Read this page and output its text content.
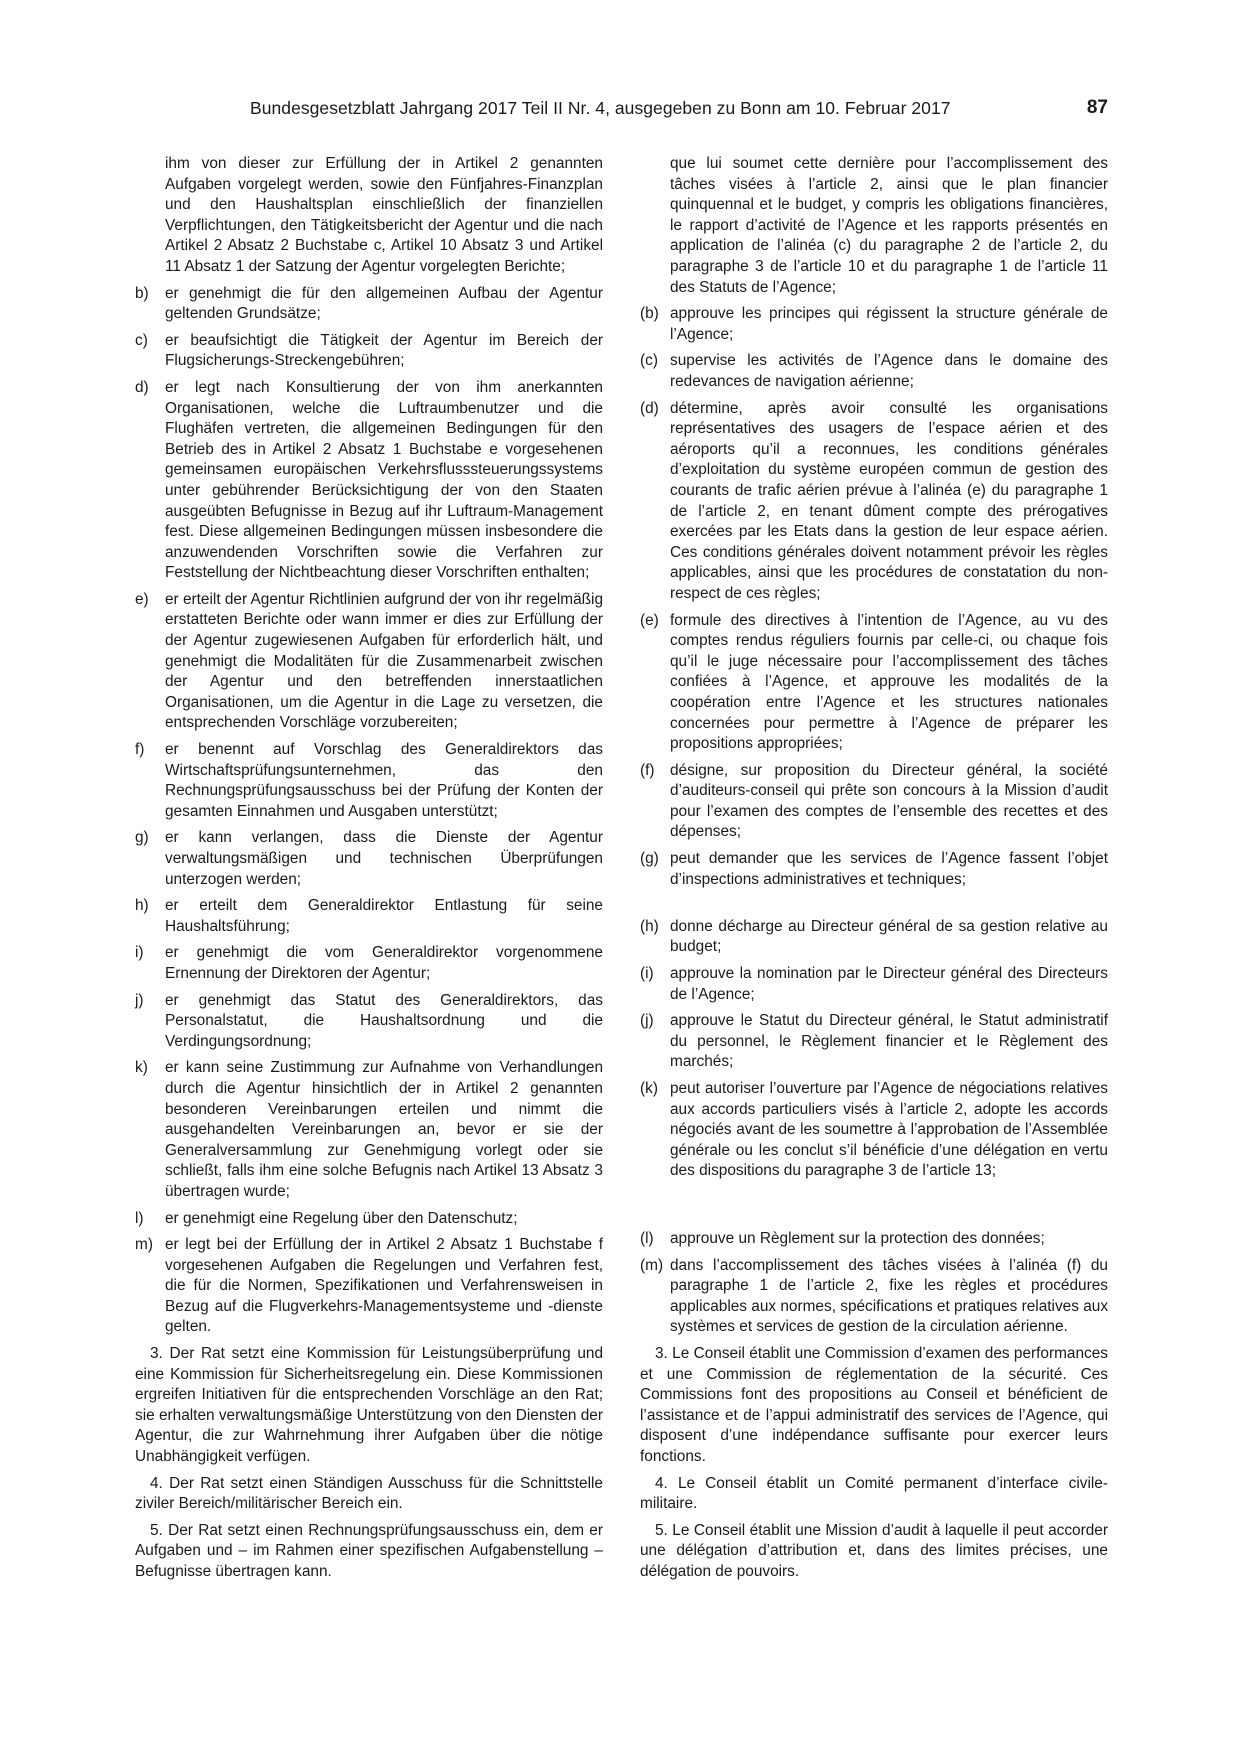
Bundesgesetzblatt Jahrgang 2017 Teil II Nr. 4, ausgegeben zu Bonn am 10. Februar 2017	87

ihm von dieser zur Erfüllung der in Artikel 2 genannten Aufgaben vorgelegt werden, sowie den Fünfjahres-Finanzplan und den Haushaltsplan einschließlich der finanziellen Verpflichtungen, den Tätigkeitsbericht der Agentur und die nach Artikel 2 Absatz 2 Buchstabe c, Artikel 10 Absatz 3 und Artikel 11 Absatz 1 der Satzung der Agentur vorgelegten Berichte;

b) er genehmigt die für den allgemeinen Aufbau der Agentur geltenden Grundsätze;
c) er beaufsichtigt die Tätigkeit der Agentur im Bereich der Flugsicherungs-Streckengebühren;
d) er legt nach Konsultierung der von ihm anerkannten Organisationen, welche die Luftraumbenutzer und die Flughäfen vertreten, die allgemeinen Bedingungen für den Betrieb des in Artikel 2 Absatz 1 Buchstabe e vorgesehenen gemeinsamen europäischen Verkehrsflusssteuerungssystems unter gebührender Berücksichtigung der von den Staaten ausgeübten Befugnisse in Bezug auf ihr Luftraum-Management fest. Diese allgemeinen Bedingungen müssen insbesondere die anzuwendenden Vorschriften sowie die Verfahren zur Feststellung der Nichtbeachtung dieser Vorschriften enthalten;
e) er erteilt der Agentur Richtlinien aufgrund der von ihr regelmäßig erstatteten Berichte oder wann immer er dies zur Erfüllung der der Agentur zugewiesenen Aufgaben für erforderlich hält, und genehmigt die Modalitäten für die Zusammenarbeit zwischen der Agentur und den betreffenden innerstaatlichen Organisationen, um die Agentur in die Lage zu versetzen, die entsprechenden Vorschläge vorzubereiten;
f) er benennt auf Vorschlag des Generaldirektors das Wirtschaftsprüfungsunternehmen, das den Rechnungsprüfungsausschuss bei der Prüfung der Konten der gesamten Einnahmen und Ausgaben unterstützt;
g) er kann verlangen, dass die Dienste der Agentur verwaltungsmäßigen und technischen Überprüfungen unterzogen werden;
h) er erteilt dem Generaldirektor Entlastung für seine Haushaltsführung;
i) er genehmigt die vom Generaldirektor vorgenommene Ernennung der Direktoren der Agentur;
j) er genehmigt das Statut des Generaldirektors, das Personalstatut, die Haushaltsordnung und die Verdingungsordnung;
k) er kann seine Zustimmung zur Aufnahme von Verhandlungen durch die Agentur hinsichtlich der in Artikel 2 genannten besonderen Vereinbarungen erteilen und nimmt die ausgehandelten Vereinbarungen an, bevor er sie der Generalversammlung zur Genehmigung vorlegt oder sie schließt, falls ihm eine solche Befugnis nach Artikel 13 Absatz 3 übertragen wurde;
l) er genehmigt eine Regelung über den Datenschutz;
m) er legt bei der Erfüllung der in Artikel 2 Absatz 1 Buchstabe f vorgesehenen Aufgaben die Regelungen und Verfahren fest, die für die Normen, Spezifikationen und Verfahrensweisen in Bezug auf die Flugverkehrs-Managementsysteme und -dienste gelten.

3. Der Rat setzt eine Kommission für Leistungsüberprüfung und eine Kommission für Sicherheitsregelung ein. Diese Kommissionen ergreifen Initiativen für die entsprechenden Vorschläge an den Rat; sie erhalten verwaltungsmäßige Unterstützung von den Diensten der Agentur, die zur Wahrnehmung ihrer Aufgaben über die nötige Unabhängigkeit verfügen.

4. Der Rat setzt einen Ständigen Ausschuss für die Schnittstelle ziviler Bereich/militärischer Bereich ein.

5. Der Rat setzt einen Rechnungsprüfungsausschuss ein, dem er Aufgaben und – im Rahmen einer spezifischen Aufgabenstellung – Befugnisse übertragen kann.

que lui soumet cette dernière pour l’accomplissement des tâches visées à l’article 2, ainsi que le plan financier quinquennal et le budget, y compris les obligations financières, le rapport d’activité de l’Agence et les rapports présentés en application de l’alinéa (c) du paragraphe 2 de l’article 2, du paragraphe 3 de l’article 10 et du paragraphe 1 de l’article 11 des Statuts de l’Agence;

(b) approuve les principes qui régissent la structure générale de l’Agence;
(c) supervise les activités de l’Agence dans le domaine des redevances de navigation aérienne;
(d) détermine, après avoir consulté les organisations représentatives des usagers de l’espace aérien et des aéroports qu’il a reconnues, les conditions générales d’exploitation du système européen commun de gestion des courants de trafic aérien prévue à l’alinéa (e) du paragraphe 1 de l’article 2, en tenant dûment compte des prérogatives exercées par les Etats dans la gestion de leur espace aérien. Ces conditions générales doivent notamment prévoir les règles applicables, ainsi que les procédures de constatation du non-respect de ces règles;
(e) formule des directives à l’intention de l’Agence, au vu des comptes rendus réguliers fournis par celle-ci, ou chaque fois qu’il le juge nécessaire pour l’accomplissement des tâches confiées à l’Agence, et approuve les modalités de la coopération entre l’Agence et les structures nationales concernées pour permettre à l’Agence de préparer les propositions appropriées;
(f) désigne, sur proposition du Directeur général, la société d’auditeurs-conseil qui prête son concours à la Mission d’audit pour l’examen des comptes de l’ensemble des recettes et des dépenses;
(g) peut demander que les services de l’Agence fassent l’objet d’inspections administratives et techniques;
(h) donne décharge au Directeur général de sa gestion relative au budget;
(i) approuve la nomination par le Directeur général des Directeurs de l’Agence;
(j) approuve le Statut du Directeur général, le Statut administratif du personnel, le Règlement financier et le Règlement des marchés;
(k) peut autoriser l’ouverture par l’Agence de négociations relatives aux accords particuliers visés à l’article 2, adopte les accords négociés avant de les soumettre à l’approbation de l’Assemblée générale ou les conclut s’il bénéficie d’une délégation en vertu des dispositions du paragraphe 3 de l’article 13;
(l) approuve un Règlement sur la protection des données;
(m) dans l’accomplissement des tâches visées à l’alinéa (f) du paragraphe 1 de l’article 2, fixe les règles et procédures applicables aux normes, spécifications et pratiques relatives aux systèmes et services de gestion de la circulation aérienne.

3. Le Conseil établit une Commission d’examen des performances et une Commission de réglementation de la sécurité. Ces Commissions font des propositions au Conseil et bénéficient de l’assistance et de l’appui administratif des services de l’Agence, qui disposent d’une indépendance suffisante pour exercer leurs fonctions.

4. Le Conseil établit un Comité permanent d’interface civile-militaire.

5. Le Conseil établit une Mission d’audit à laquelle il peut accorder une délégation d’attribution et, dans des limites précises, une délégation de pouvoirs.
